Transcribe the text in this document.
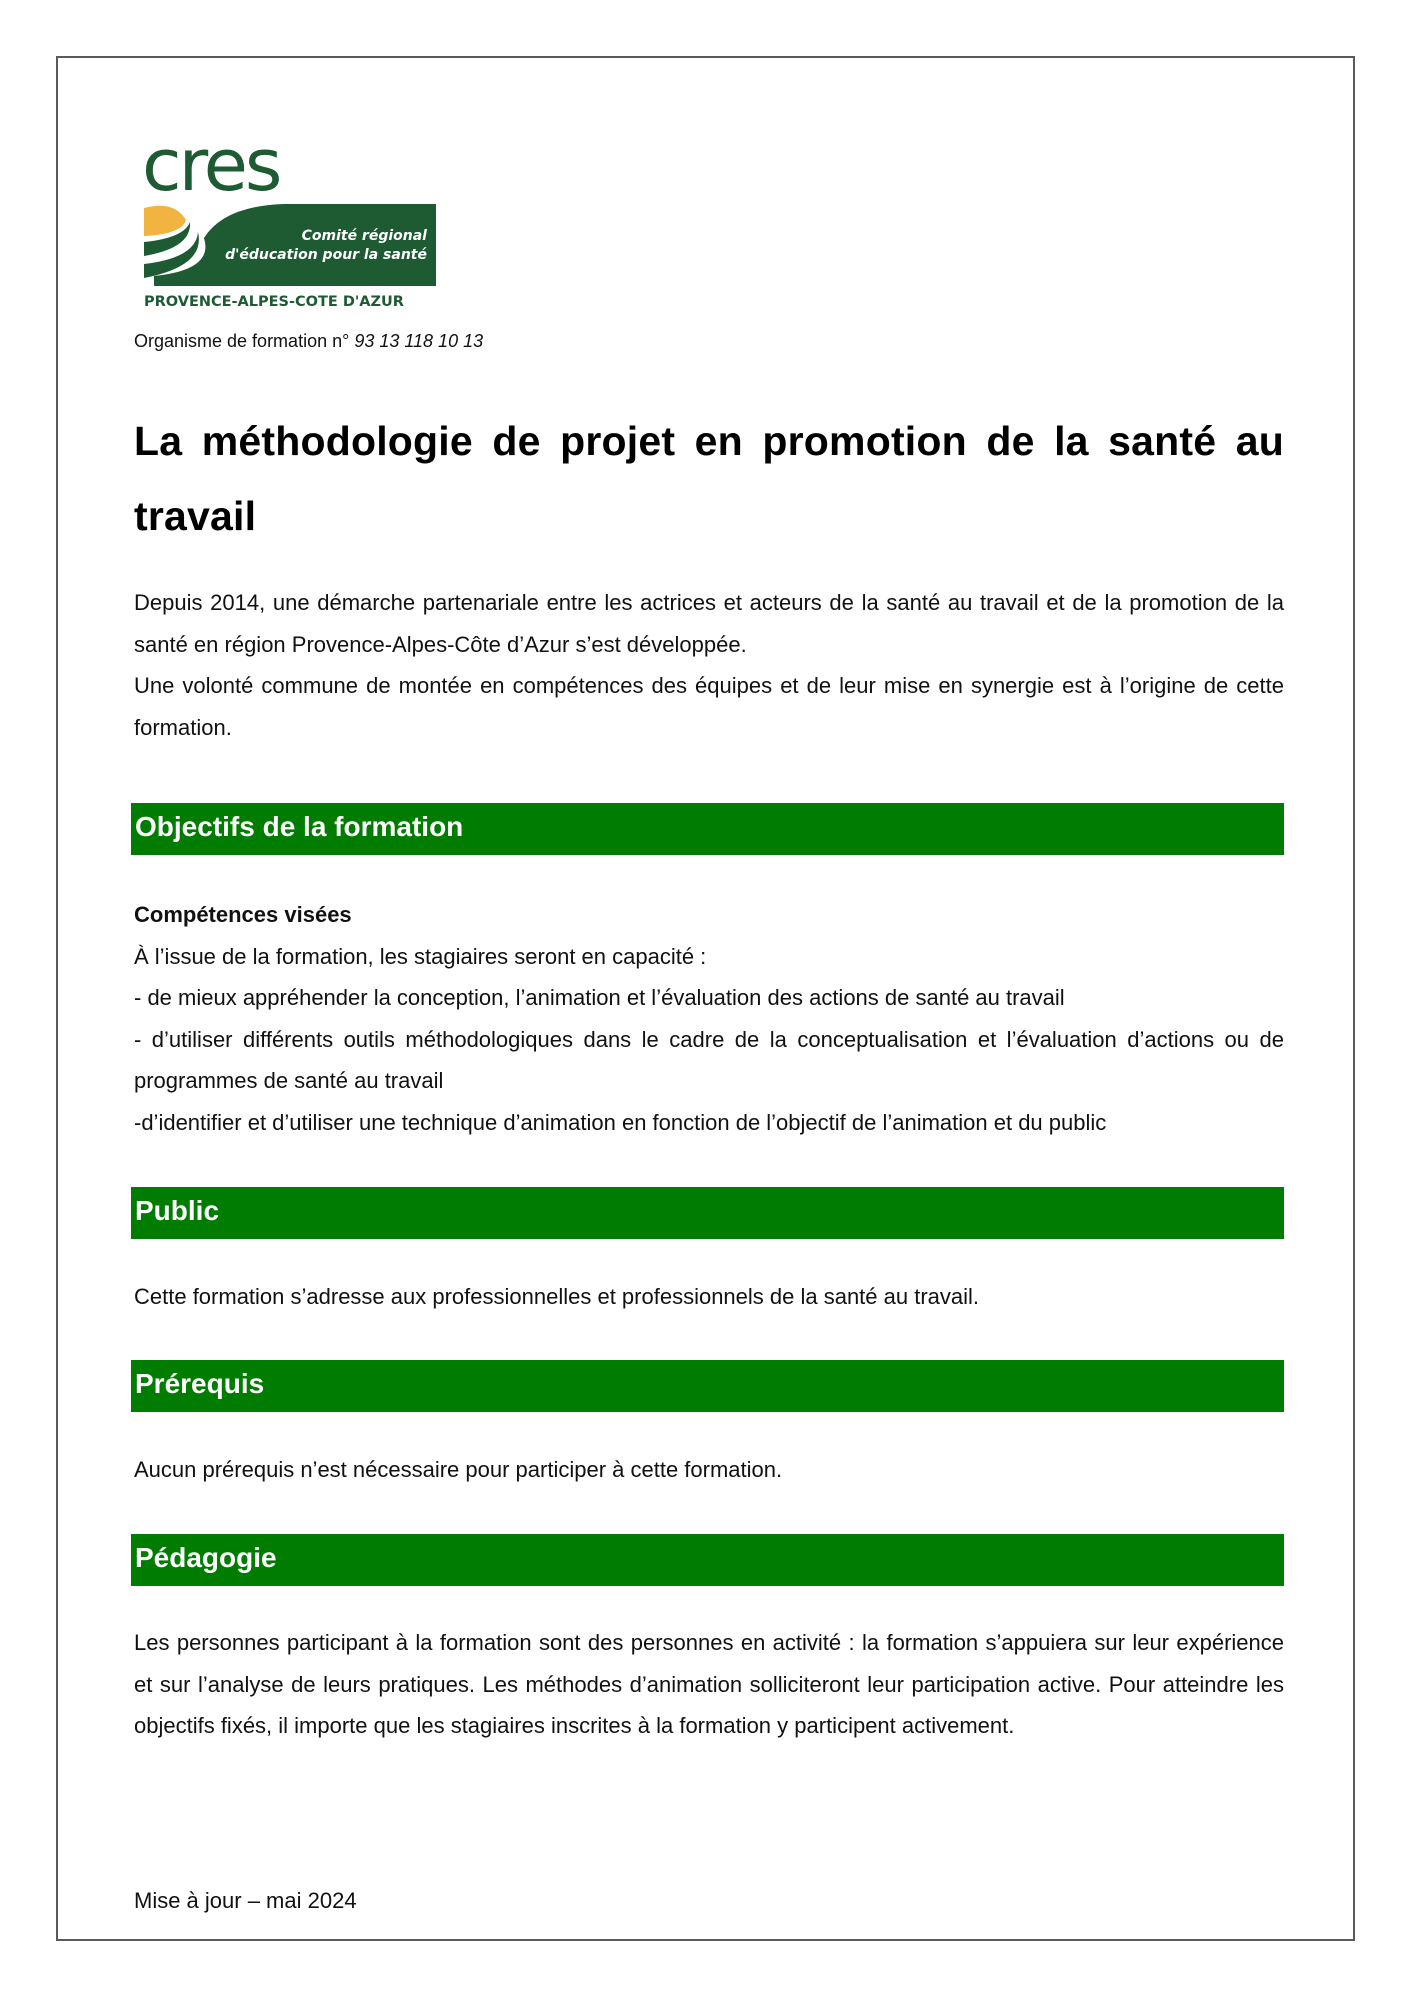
cres
Comité régional
d'éducation pour la santé
PROVENCE-ALPES-COTE D'AZUR
Organisme de formation n° 93 13 118 10 13
La méthodologie de projet en promotion de la santé au travail

Depuis 2014, une démarche partenariale entre les actrices et acteurs de la santé au travail et de la promotion de la santé en région Provence-Alpes-Côte d’Azur s’est développée.

Une volonté commune de montée en compétences des équipes et de leur mise en synergie est à l’origine de cette formation.

Objectifs de la formation

Compétences visées

À l’issue de la formation, les stagiaires seront en capacité :

- de mieux appréhender la conception, l’animation et l’évaluation des actions de santé au travail

- d’utiliser différents outils méthodologiques dans le cadre de la conceptualisation et l’évaluation d’actions ou de programmes de santé au travail

-d’identifier et d’utiliser une technique d’animation en fonction de l’objectif de l’animation et du public

Public

Cette formation s’adresse aux professionnelles et professionnels de la santé au travail.

Prérequis

Aucun prérequis n’est nécessaire pour participer à cette formation.

Pédagogie

Les personnes participant à la formation sont des personnes en activité : la formation s’appuiera sur leur expérience et sur l’analyse de leurs pratiques. Les méthodes d’animation solliciteront leur participation active. Pour atteindre les objectifs fixés, il importe que les stagiaires inscrites à la formation y participent activement.

Mise à jour – mai 2024
